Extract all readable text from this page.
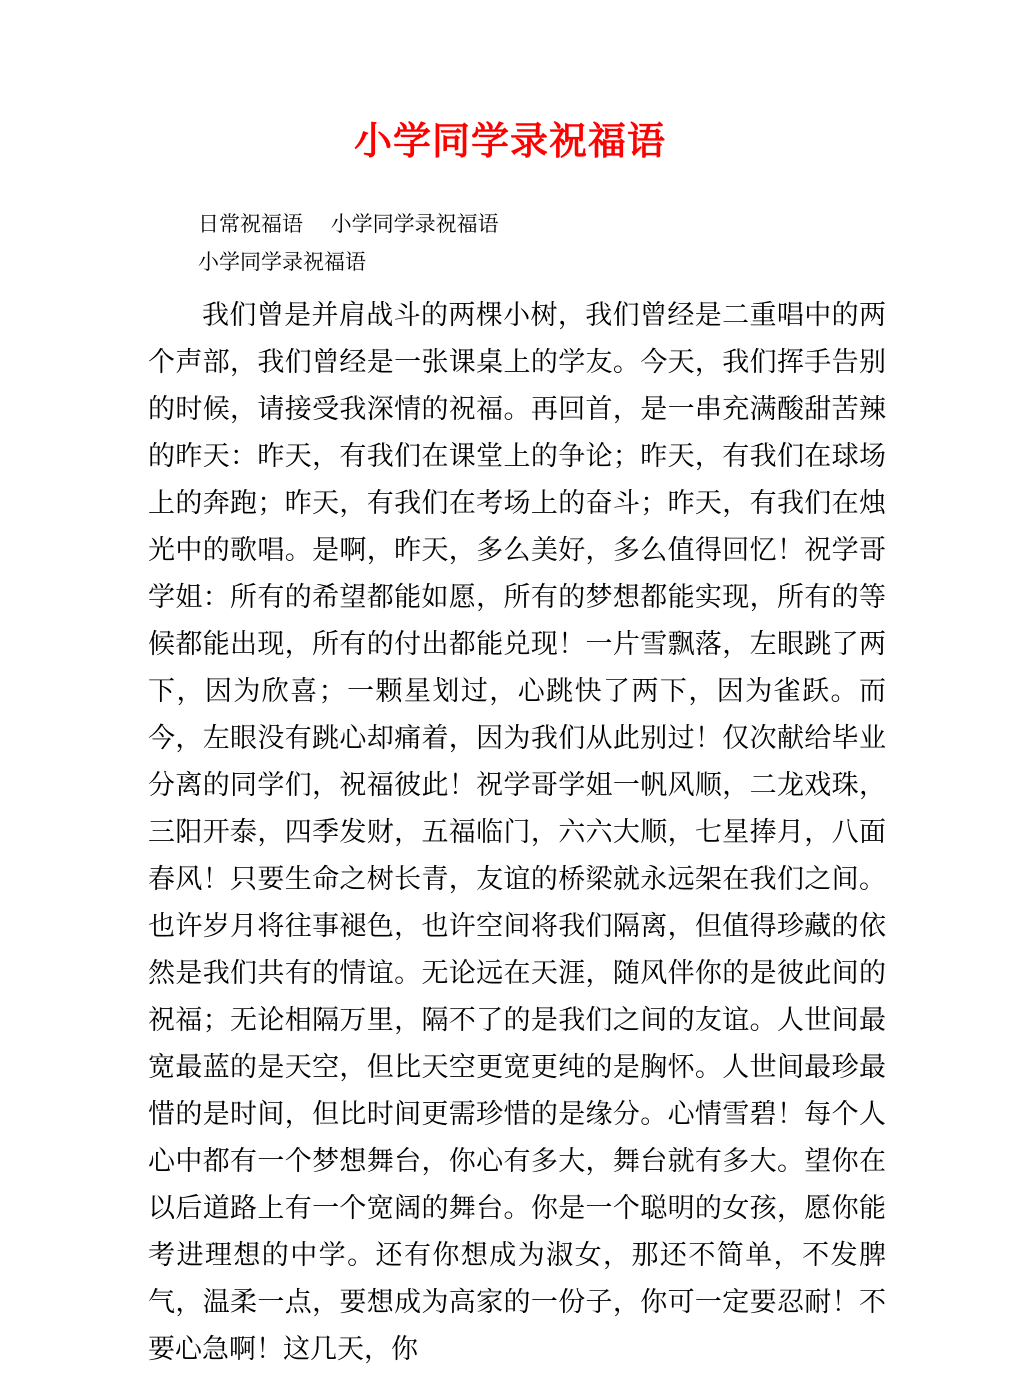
小学同学录祝福语
日常祝福语　 小学同学录祝福语
小学同学录祝福语

我们曾是并肩战斗的两棵小树，我们曾经是二重唱中的两个声部，我们曾经是一张课桌上的学友。今天，我们挥手告别的时候，请接受我深情的祝福。再回首，是一串充满酸甜苦辣的昨天：昨天，有我们在课堂上的争论；昨天，有我们在球场上的奔跑；昨天，有我们在考场上的奋斗；昨天，有我们在烛光中的歌唱。是啊，昨天，多么美好，多么值得回忆！祝学哥学姐：所有的希望都能如愿，所有的梦想都能实现，所有的等候都能出现，所有的付出都能兑现！一片雪飘落，左眼跳了两下，因为欣喜；一颗星划过，心跳快了两下，因为雀跃。而今，左眼没有跳心却痛着，因为我们从此别过！仅次献给毕业分离的同学们，祝福彼此！祝学哥学姐一帆风顺，二龙戏珠，三阳开泰，四季发财，五福临门，六六大顺，七星捧月，八面春风！只要生命之树长青，友谊的桥梁就永远架在我们之间。也许岁月将往事褪色，也许空间将我们隔离，但值得珍藏的依然是我们共有的情谊。无论远在天涯，随风伴你的是彼此间的祝福；无论相隔万里，隔不了的是我们之间的友谊。人世间最宽最蓝的是天空，但比天空更宽更纯的是胸怀。人世间最珍最惜的是时间，但比时间更需珍惜的是缘分。心情雪碧！每个人心中都有一个梦想舞台，你心有多大，舞台就有多大。望你在以后道路上有一个宽阔的舞台。你是一个聪明的女孩，愿你能考进理想的中学。还有你想成为淑女，那还不简单，不发脾气，温柔一点，要想成为高家的一份子，你可一定要忍耐！不要心急啊！这几天，你
